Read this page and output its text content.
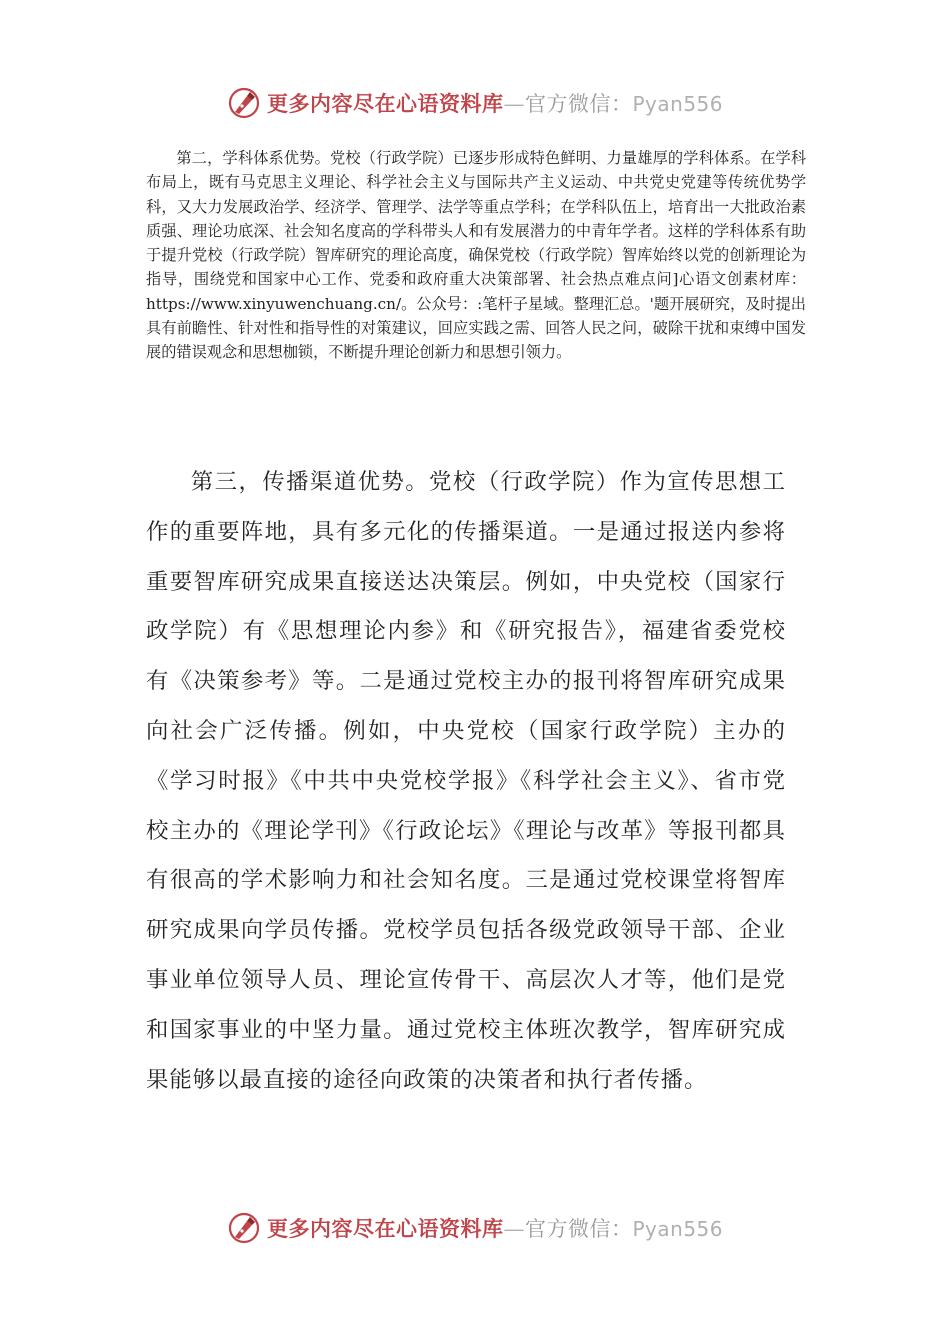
更多内容尽在心语资料库—官方微信：Pyan556

第二，学科体系优势。党校（行政学院）已逐步形成特色鲜明、力量雄厚的学科体系。在学科布局上，既有马克思主义理论、科学社会主义与国际共产主义运动、中共党史党建等传统优势学科，又大力发展政治学、经济学、管理学、法学等重点学科；在学科队伍上，培育出一大批政治素质强、理论功底深、社会知名度高的学科带头人和有发展潜力的中青年学者。这样的学科体系有助于提升党校（行政学院）智库研究的理论高度，确保党校（行政学院）智库始终以党的创新理论为指导，围绕党和国家中心工作、党委和政府重大决策部署、社会热点难点问]心语文创素材库：https://www.xinyuwenchuang.cn/。公众号：:笔杆子星域。整理汇总。'题开展研究，及时提出具有前瞻性、针对性和指导性的对策建议，回应实践之需、回答人民之问，破除干扰和束缚中国发展的错误观念和思想枷锁，不断提升理论创新力和思想引领力。

第三，传播渠道优势。党校（行政学院）作为宣传思想工作的重要阵地，具有多元化的传播渠道。一是通过报送内参将重要智库研究成果直接送达决策层。例如，中央党校（国家行政学院）有《思想理论内参》和《研究报告》，福建省委党校有《决策参考》等。二是通过党校主办的报刊将智库研究成果向社会广泛传播。例如，中央党校（国家行政学院）主办的《学习时报》《中共中央党校学报》《科学社会主义》、省市党校主办的《理论学刊》《行政论坛》《理论与改革》等报刊都具有很高的学术影响力和社会知名度。三是通过党校课堂将智库研究成果向学员传播。党校学员包括各级党政领导干部、企业事业单位领导人员、理论宣传骨干、高层次人才等，他们是党和国家事业的中坚力量。通过党校主体班次教学，智库研究成果能够以最直接的途径向政策的决策者和执行者传播。

更多内容尽在心语资料库—官方微信：Pyan556
